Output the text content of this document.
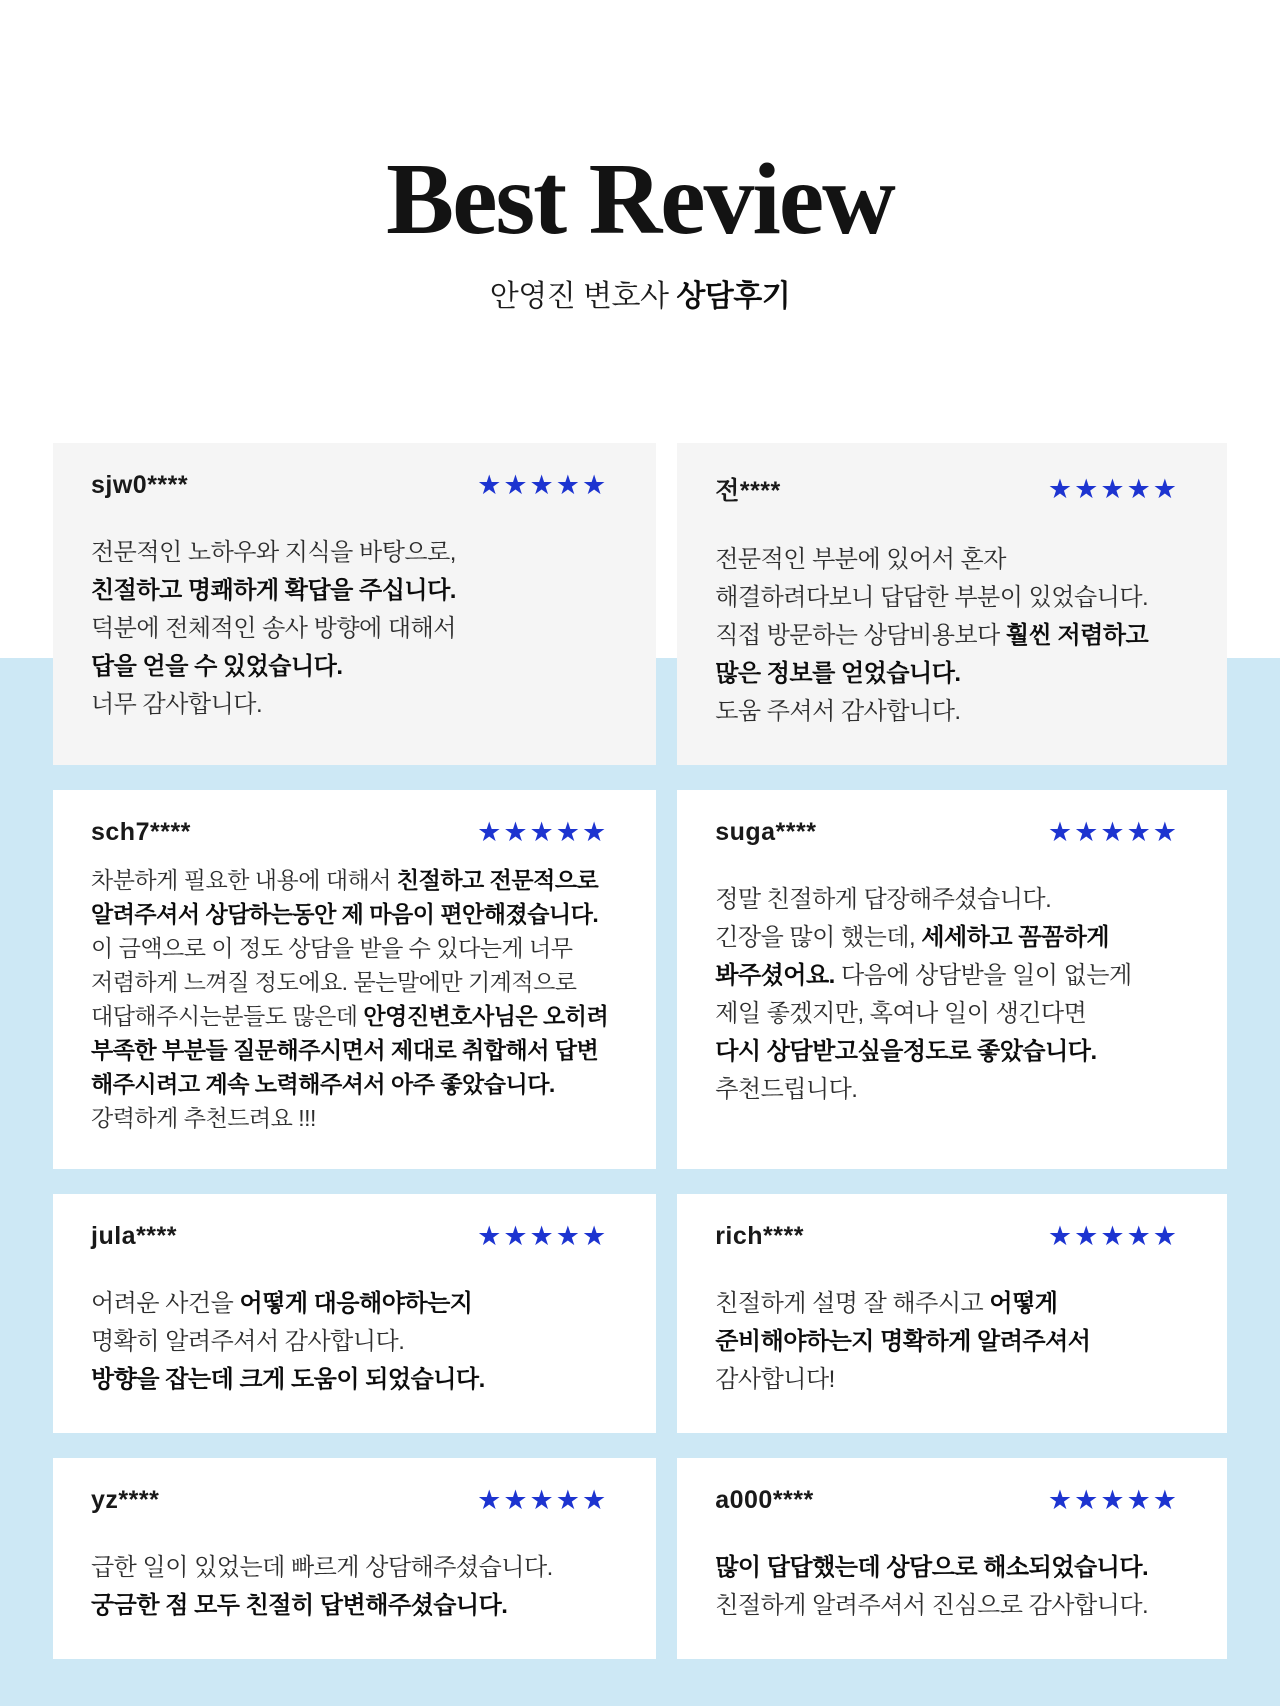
Best Review
안영진 변호사 상담후기
sjw0****	★★★★★
전문적인 노하우와 지식을 바탕으로,
친절하고 명쾌하게 확답을 주십니다.
덕분에 전체적인 송사 방향에 대해서
답을 얻을 수 있었습니다.
너무 감사합니다.
전****	★★★★★
전문적인 부분에 있어서 혼자
해결하려다보니 답답한 부분이 있었습니다.
직접 방문하는 상담비용보다 훨씬 저렴하고
많은 정보를 얻었습니다.
도움 주셔서 감사합니다.
sch7****	★★★★★
차분하게 필요한 내용에 대해서 친절하고 전문적으로
알려주셔서 상담하는동안 제 마음이 편안해졌습니다.
이 금액으로 이 정도 상담을 받을 수 있다는게 너무
저렴하게 느껴질 정도에요. 묻는말에만 기계적으로
대답해주시는분들도 많은데 안영진변호사님은 오히려
부족한 부분들 질문해주시면서 제대로 취합해서 답변
해주시려고 계속 노력해주셔서 아주 좋았습니다.
강력하게 추천드려요 !!!
suga****	★★★★★
정말 친절하게 답장해주셨습니다.
긴장을 많이 했는데, 세세하고 꼼꼼하게
봐주셨어요. 다음에 상담받을 일이 없는게
제일 좋겠지만, 혹여나 일이 생긴다면
다시 상담받고싶을정도로 좋았습니다.
추천드립니다.
jula****	★★★★★
어려운 사건을 어떻게 대응해야하는지
명확히 알려주셔서 감사합니다.
방향을 잡는데 크게 도움이 되었습니다.
rich****	★★★★★
친절하게 설명 잘 해주시고 어떻게
준비해야하는지 명확하게 알려주셔서
감사합니다!
yz****	★★★★★
급한 일이 있었는데 빠르게 상담해주셨습니다.
궁금한 점 모두 친절히 답변해주셨습니다.
a000****	★★★★★
많이 답답했는데 상담으로 해소되었습니다.
친절하게 알려주셔서 진심으로 감사합니다.
